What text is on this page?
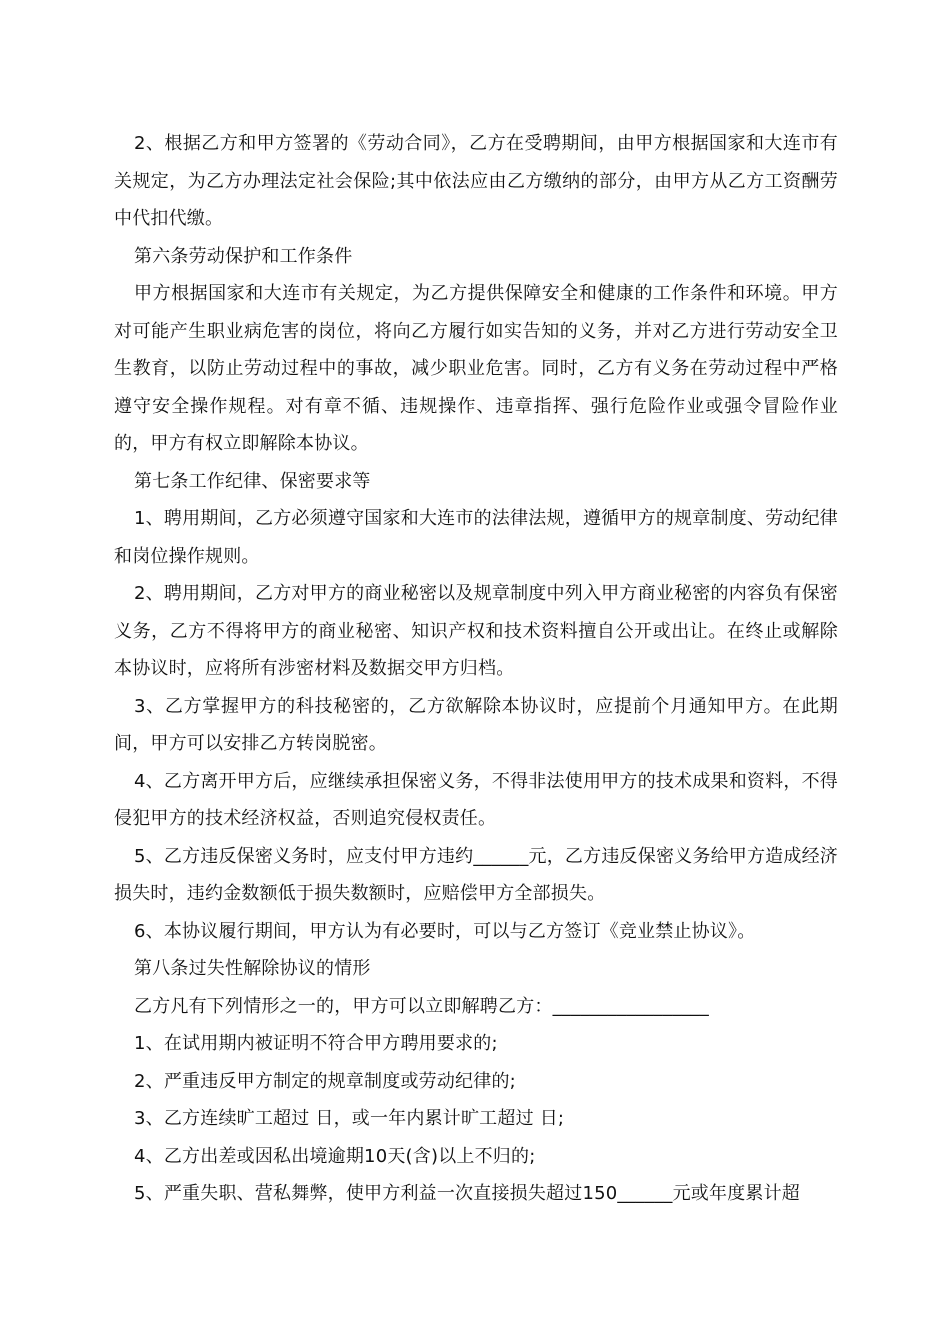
2、根据乙方和甲方签署的《劳动合同》，乙方在受聘期间，由甲方根据国家和大连市有关规定，为乙方办理法定社会保险;其中依法应由乙方缴纳的部分，由甲方从乙方工资酬劳中代扣代缴。

第六条劳动保护和工作条件

甲方根据国家和大连市有关规定，为乙方提供保障安全和健康的工作条件和环境。甲方对可能产生职业病危害的岗位，将向乙方履行如实告知的义务，并对乙方进行劳动安全卫生教育，以防止劳动过程中的事故，减少职业危害。同时，乙方有义务在劳动过程中严格遵守安全操作规程。对有章不循、违规操作、违章指挥、强行危险作业或强令冒险作业的，甲方有权立即解除本协议。

第七条工作纪律、保密要求等

1、聘用期间，乙方必须遵守国家和大连市的法律法规，遵循甲方的规章制度、劳动纪律和岗位操作规则。

2、聘用期间，乙方对甲方的商业秘密以及规章制度中列入甲方商业秘密的内容负有保密义务，乙方不得将甲方的商业秘密、知识产权和技术资料擅自公开或出让。在终止或解除本协议时，应将所有涉密材料及数据交甲方归档。

3、乙方掌握甲方的科技秘密的，乙方欲解除本协议时，应提前个月通知甲方。在此期间，甲方可以安排乙方转岗脱密。

4、乙方离开甲方后，应继续承担保密义务，不得非法使用甲方的技术成果和资料，不得侵犯甲方的技术经济权益，否则追究侵权责任。

5、乙方违反保密义务时，应支付甲方违约______元，乙方违反保密义务给甲方造成经济损失时，违约金数额低于损失数额时，应赔偿甲方全部损失。

6、本协议履行期间，甲方认为有必要时，可以与乙方签订《竞业禁止协议》。

第八条过失性解除协议的情形

乙方凡有下列情形之一的，甲方可以立即解聘乙方：_________________

1、在试用期内被证明不符合甲方聘用要求的;

2、严重违反甲方制定的规章制度或劳动纪律的;

3、乙方连续旷工超过 日，或一年内累计旷工超过 日;

4、乙方出差或因私出境逾期10天(含)以上不归的;

5、严重失职、营私舞弊，使甲方利益一次直接损失超过150______元或年度累计超
